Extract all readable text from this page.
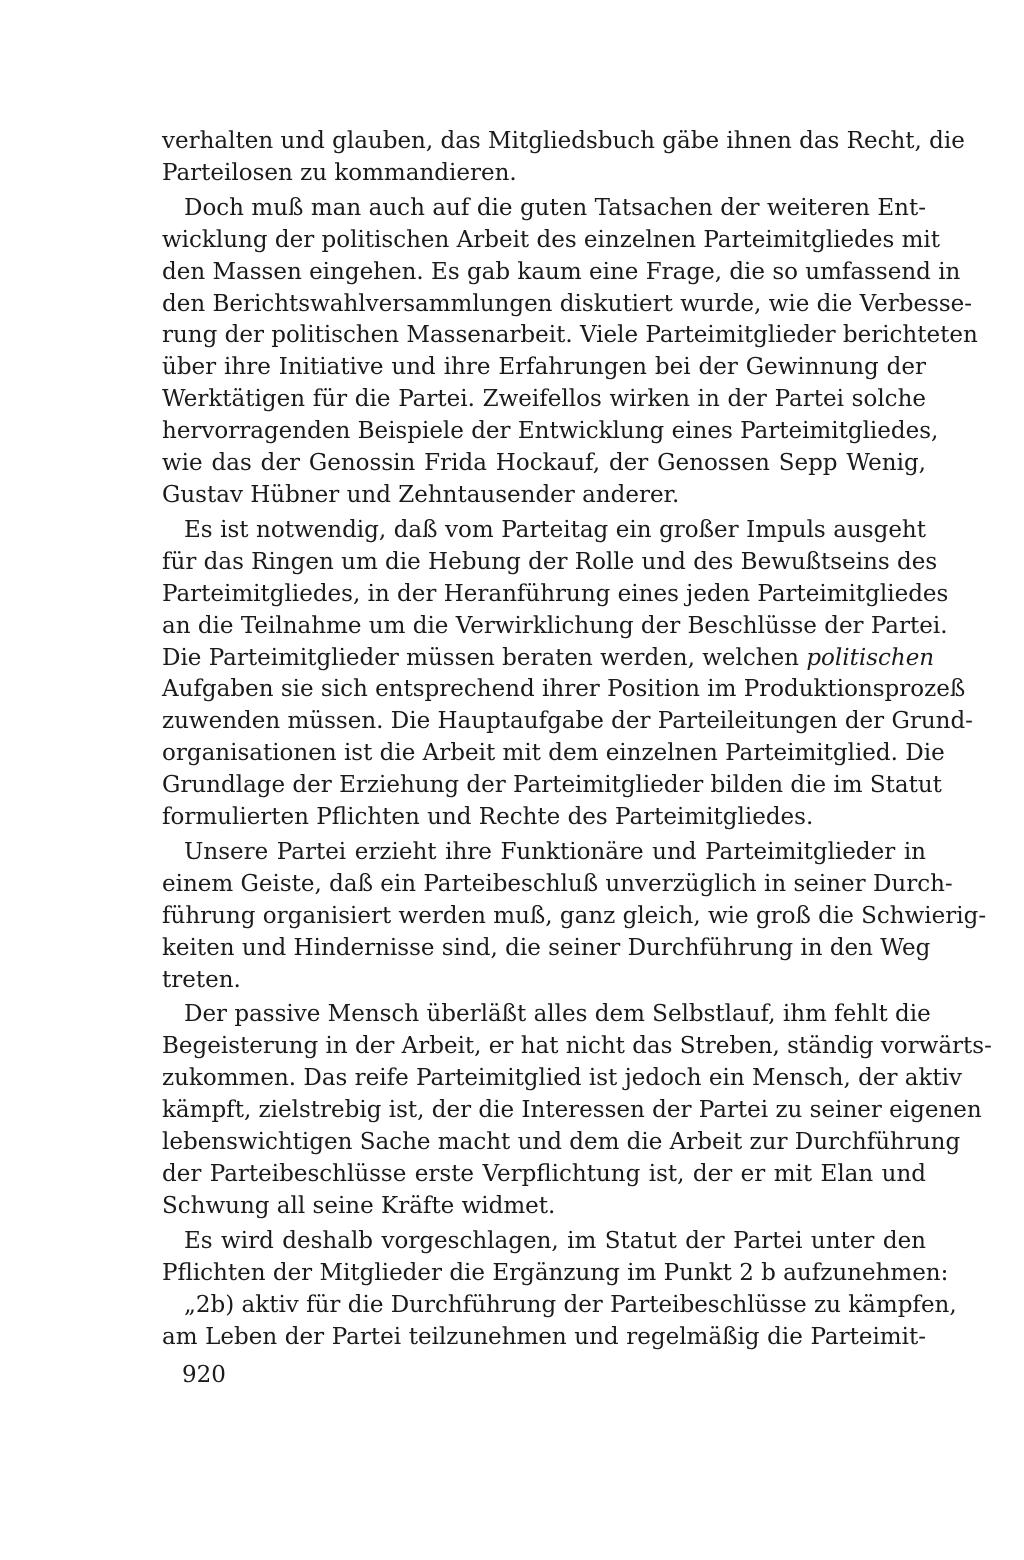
verhalten und glauben, das Mitgliedsbuch gäbe ihnen das Recht, die
Parteilosen zu kommandieren.
Doch muß man auch auf die guten Tatsachen der weiteren Ent-
wicklung der politischen Arbeit des einzelnen Parteimitgliedes mit
den Massen eingehen. Es gab kaum eine Frage, die so umfassend in
den Berichtswahlversammlungen diskutiert wurde, wie die Verbesse-
rung der politischen Massenarbeit. Viele Parteimitglieder berichteten
über ihre Initiative und ihre Erfahrungen bei der Gewinnung der
Werktätigen für die Partei. Zweifellos wirken in der Partei solche
hervorragenden Beispiele der Entwicklung eines Parteimitgliedes,
wie das der Genossin Frida Hockauf, der Genossen Sepp Wenig,
Gustav Hübner und Zehntausender anderer.
Es ist notwendig, daß vom Parteitag ein großer Impuls ausgeht
für das Ringen um die Hebung der Rolle und des Bewußtseins des
Parteimitgliedes, in der Heranführung eines jeden Parteimitgliedes
an die Teilnahme um die Verwirklichung der Beschlüsse der Partei.
Die Parteimitglieder müssen beraten werden, welchen politischen
Aufgaben sie sich entsprechend ihrer Position im Produktionsprozeß
zuwenden müssen. Die Hauptaufgabe der Parteileitungen der Grund-
organisationen ist die Arbeit mit dem einzelnen Parteimitglied. Die
Grundlage der Erziehung der Parteimitglieder bilden die im Statut
formulierten Pflichten und Rechte des Parteimitgliedes.
Unsere Partei erzieht ihre Funktionäre und Parteimitglieder in
einem Geiste, daß ein Parteibeschluß unverzüglich in seiner Durch-
führung organisiert werden muß, ganz gleich, wie groß die Schwierig-
keiten und Hindernisse sind, die seiner Durchführung in den Weg
treten.
Der passive Mensch überläßt alles dem Selbstlauf, ihm fehlt die
Begeisterung in der Arbeit, er hat nicht das Streben, ständig vorwärts-
zukommen. Das reife Parteimitglied ist jedoch ein Mensch, der aktiv
kämpft, zielstrebig ist, der die Interessen der Partei zu seiner eigenen
lebenswichtigen Sache macht und dem die Arbeit zur Durchführung
der Parteibeschlüsse erste Verpflichtung ist, der er mit Elan und
Schwung all seine Kräfte widmet.
Es wird deshalb vorgeschlagen, im Statut der Partei unter den
Pflichten der Mitglieder die Ergänzung im Punkt 2 b aufzunehmen:
„2b) aktiv für die Durchführung der Parteibeschlüsse zu kämpfen,
am Leben der Partei teilzunehmen und regelmäßig die Parteimit-
920
